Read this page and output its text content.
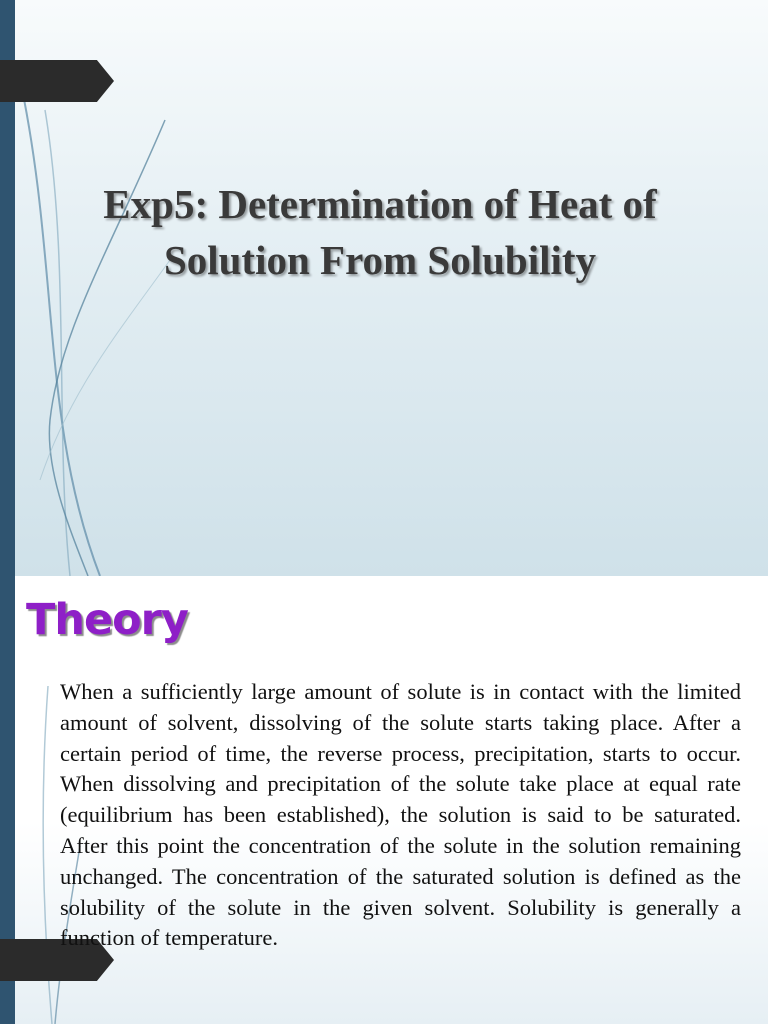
Exp5: Determination of Heat of Solution From Solubility
Theory

When a sufficiently large amount of solute is in contact with the limited amount of solvent, dissolving of the solute starts taking place. After a certain period of time, the reverse process, precipitation, starts to occur. When dissolving and precipitation of the solute take place at equal rate (equilibrium has been established), the solution is said to be saturated. After this point the concentration of the solute in the solution remaining unchanged. The concentration of the saturated solution is defined as the solubility of the solute in the given solvent. Solubility is generally a function of temperature.
